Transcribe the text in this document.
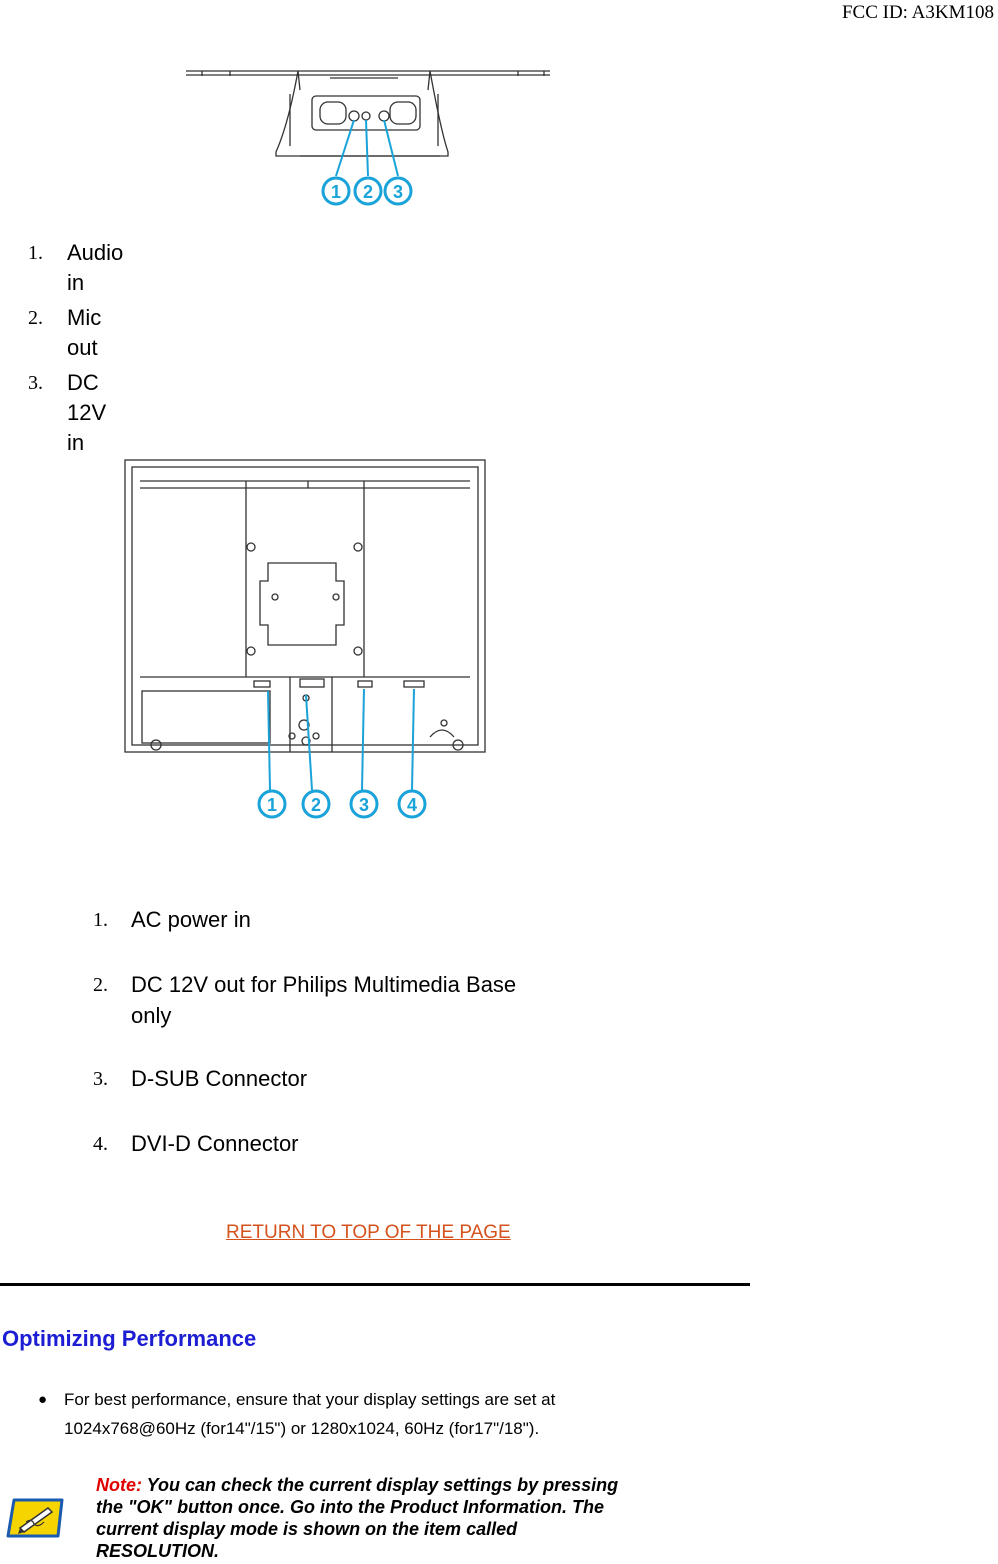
FCC ID: A3KM108
1 2 3
1. Audio in
2. Mic out
3. DC 12V in
1 2 3 4
1. AC power in
2. DC 12V out for Philips Multimedia Base
only
3. D-SUB Connector
4. DVI-D Connector
RETURN TO TOP OF THE PAGE
Optimizing Performance
● For best performance, ensure that your display settings are set at
1024x768@60Hz (for14"/15") or 1280x1024, 60Hz (for17"/18").
Note: You can check the current display settings by pressing
the "OK" button once. Go into the Product Information. The
current display mode is shown on the item called
RESOLUTION.
